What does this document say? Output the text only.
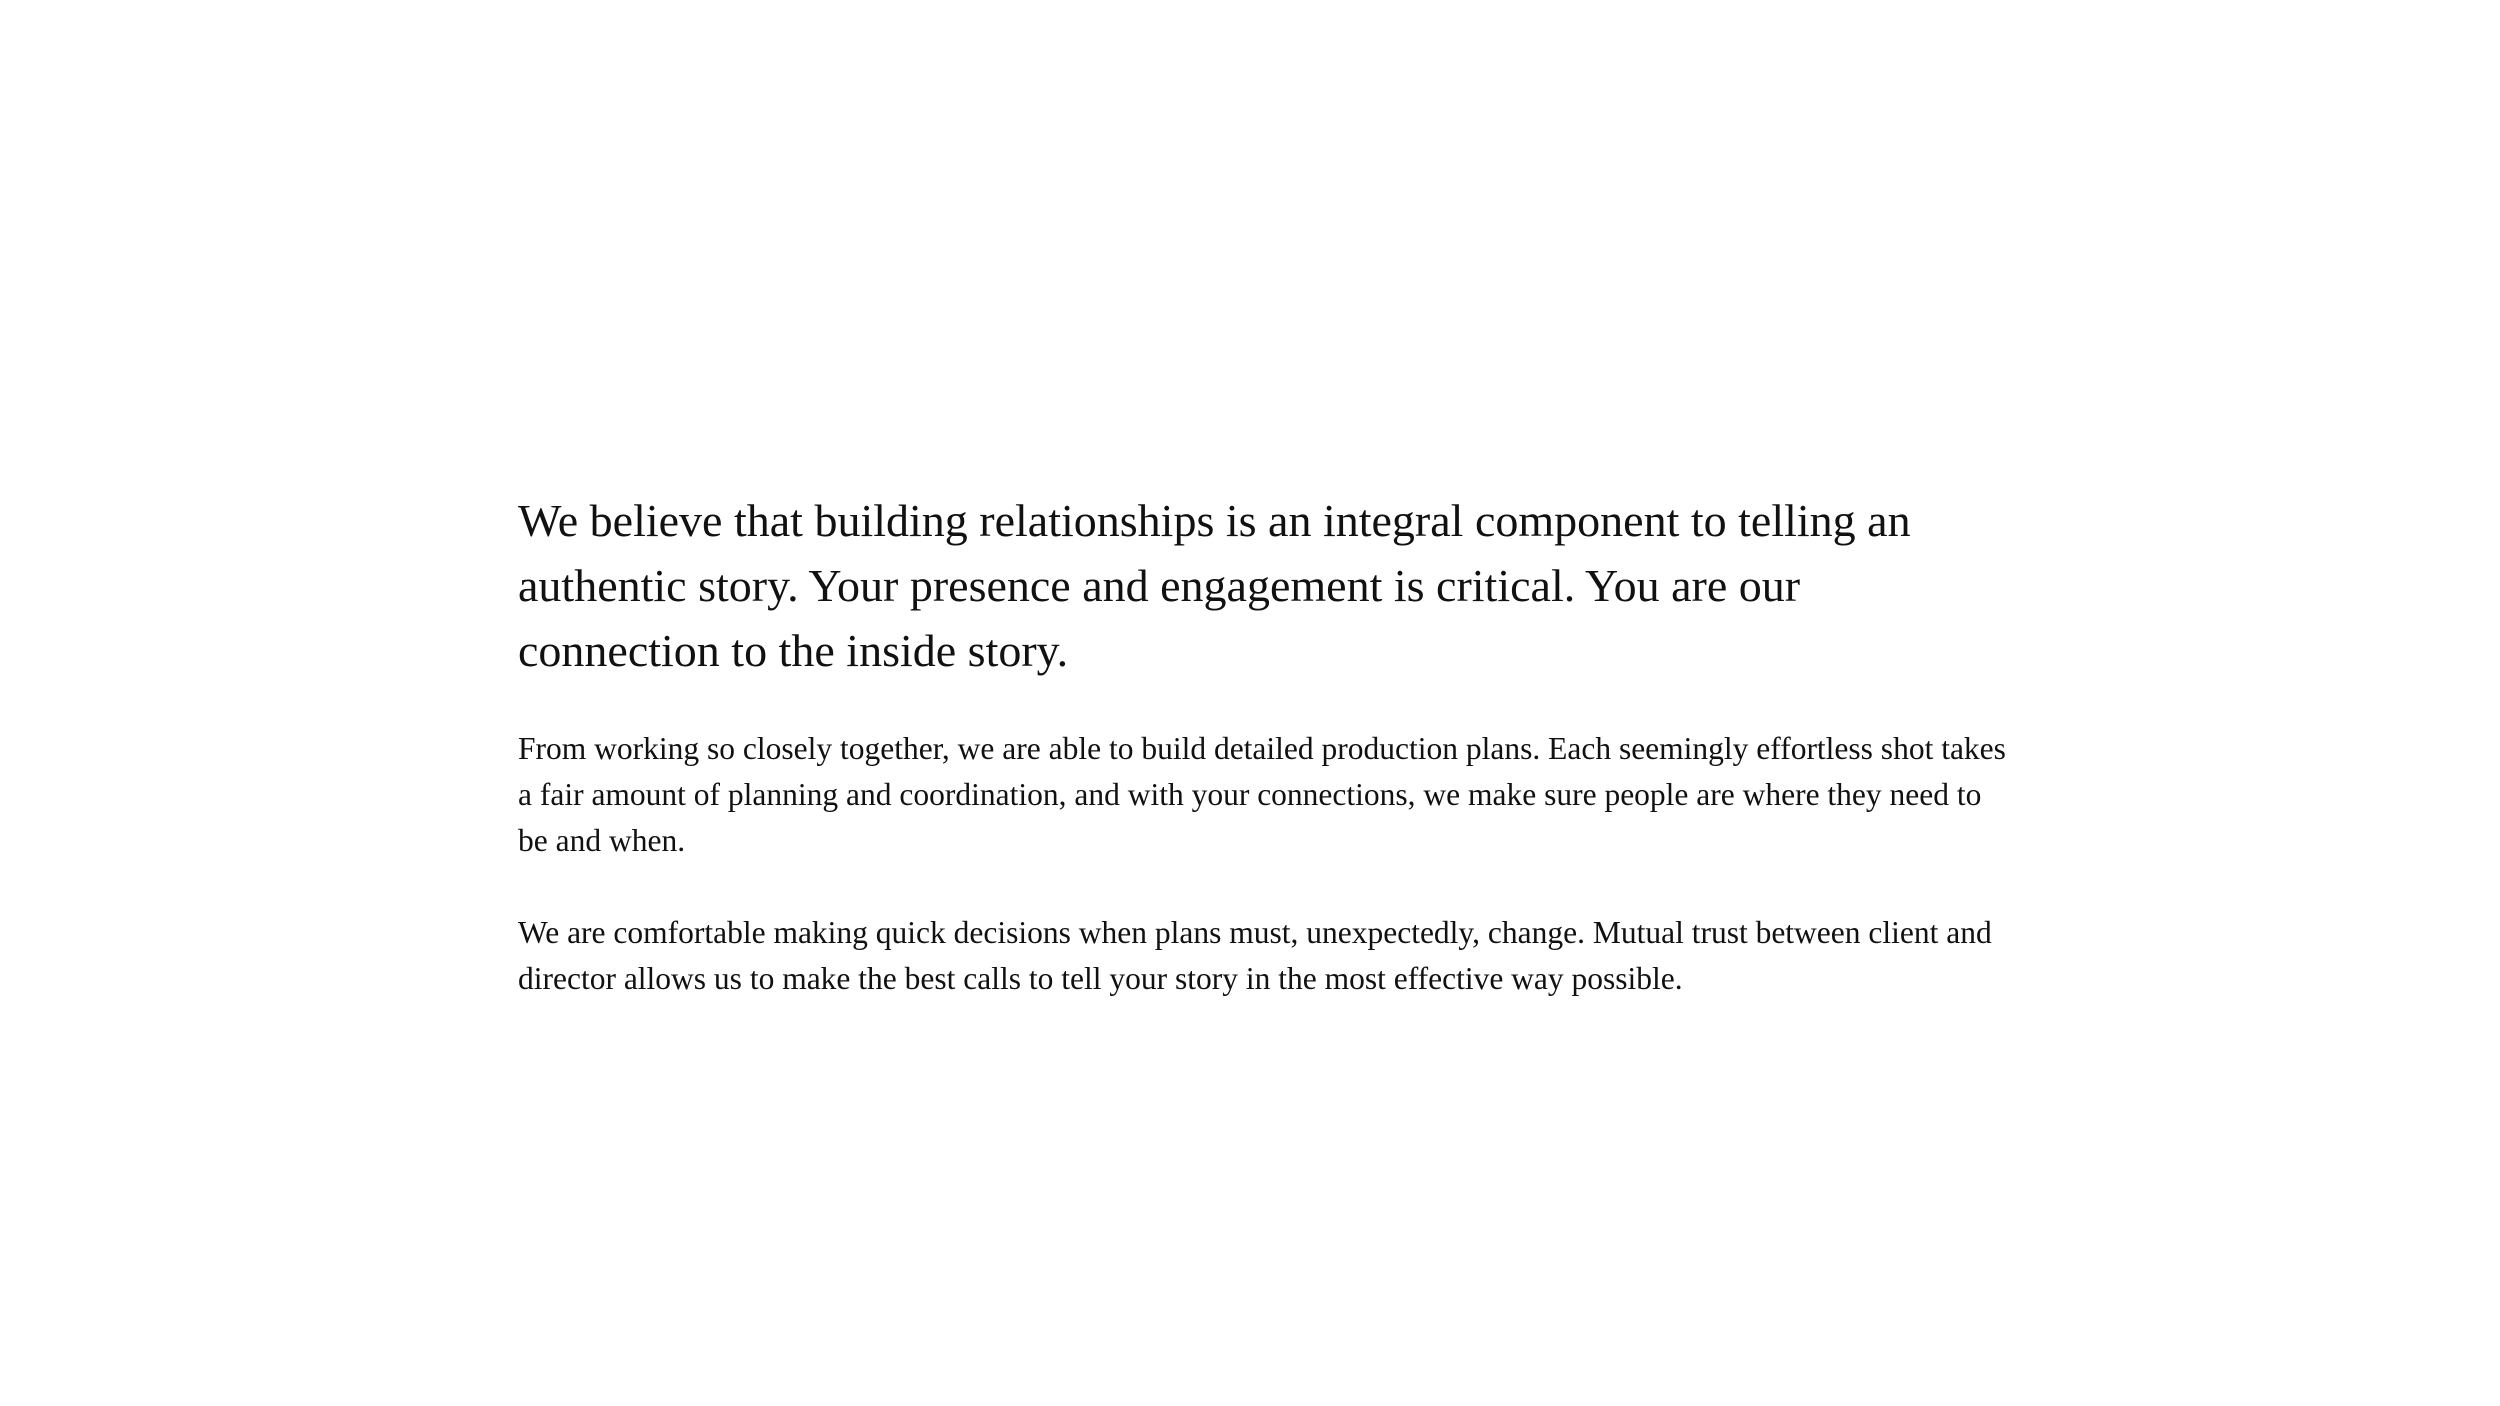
We believe that building relationships is an integral component to telling an authentic story. Your presence and engagement is critical. You are our connection to the inside story.

From working so closely together, we are able to build detailed production plans. Each seemingly effortless shot takes a fair amount of planning and coordination, and with your connections, we make sure people are where they need to be and when.

We are comfortable making quick decisions when plans must, unexpectedly, change. Mutual trust between client and director allows us to make the best calls to tell your story in the most effective way possible.
